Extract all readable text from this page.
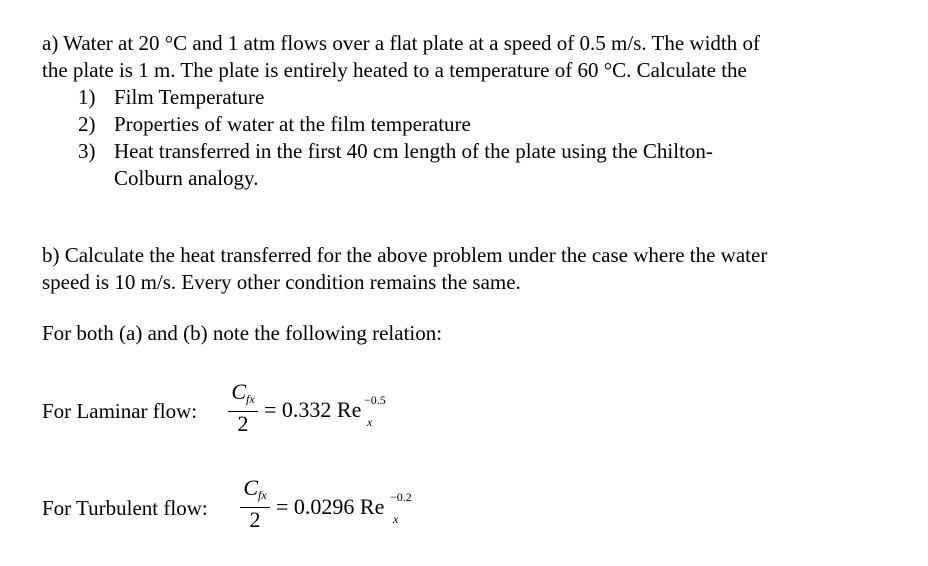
a) Water at 20 °C and 1 atm flows over a flat plate at a speed of 0.5 m/s. The width of
the plate is 1 m. The plate is entirely heated to a temperature of 60 °C. Calculate the
1) Film Temperature
2) Properties of water at the film temperature
3) Heat transferred in the first 40 cm length of the plate using the Chilton-
Colburn analogy.
b) Calculate the heat transferred for the above problem under the case where the water
speed is 10 m/s. Every other condition remains the same.
For both (a) and (b) note the following relation:
For Laminar flow:
$C_{fx}$
2
= 0.332 Re −0.5
x
For Turbulent flow:
$C_{fx}$
2
= 0.0296 Re −0.2
x
